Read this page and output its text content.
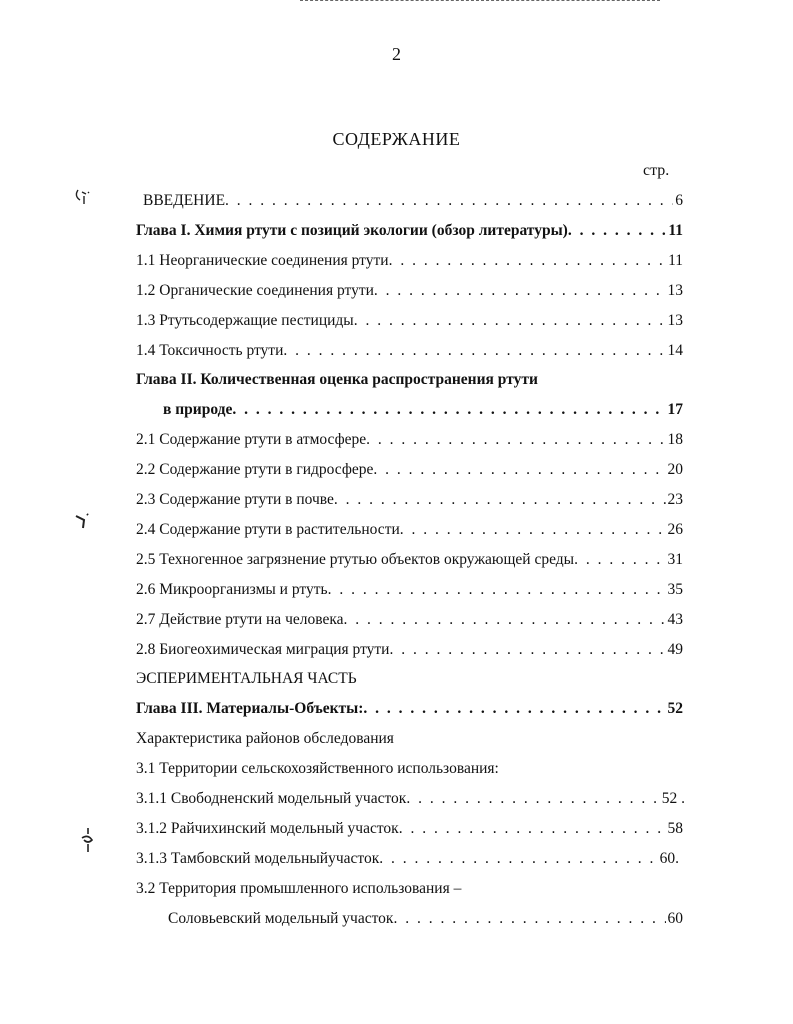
2
СОДЕРЖАНИЕ
стр.
ВВЕДЕНИЕ . . .	6
Глава I. Химия ртути с позиций экологии (обзор литературы) . . .	11
1.1 Неорганические соединения ртути . . .	11
1.2 Органические соединения ртути . . .	13
1.3 Ртутьсодержащие пестициды . . .	13
1.4 Токсичность ртути . . .	14
Глава II. Количественная оценка распространения ртути
в природе . . .	17
2.1 Содержание ртути в атмосфере . . .	18
2.2 Содержание ртути в гидросфере . . .	20
2.3 Содержание ртути в почве . . .	23
2.4 Содержание ртути в растительности . . .	26
2.5 Техногенное загрязнение ртутью объектов окружающей среды . . .	31
2.6 Микроорганизмы и ртуть . . .	35
2.7 Действие ртути на человека . . .	43
2.8 Биогеохимическая миграция ртути . . .	49
ЭСПЕРИМЕНТАЛЬНАЯ ЧАСТЬ
Глава III. Материалы-Объекты: . . .	52
Характеристика районов обследования
3.1 Территории сельскохозяйственного использования:
3.1.1 Свободненский модельный участок . . .	52 .
3.1.2 Райчихинский модельный участок . . .	58
3.1.3 Тамбовский модельныйучасток . . .	60.
3.2 Территория промышленного использования –
Соловьевский модельный участок . . .	60
